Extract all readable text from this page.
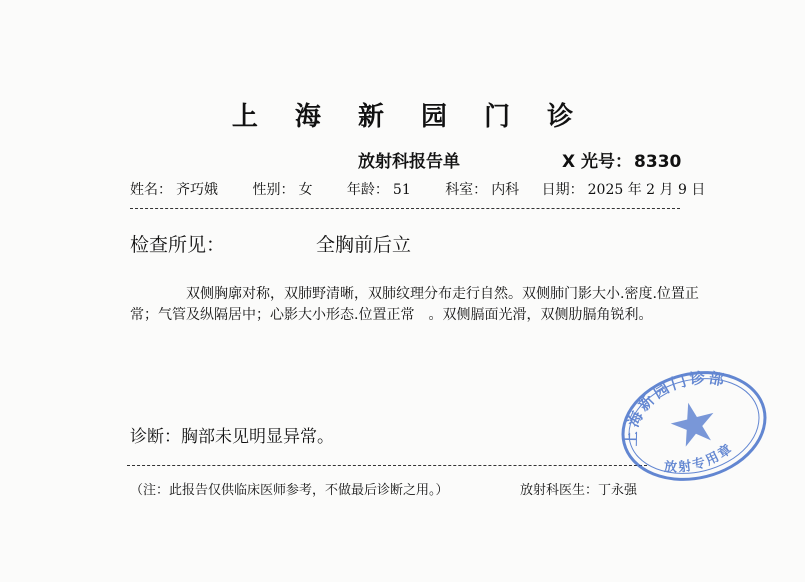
上 海 新 园 门 诊
放射科报告单	X 光号： 8330
姓名： 齐巧娥 性别： 女 年龄： 51 科室： 内科 日期： 2025 年 2 月 9 日
检查所见：	全胸前后立
双侧胸廓对称，双肺野清晰，双肺纹理分布走行自然。双侧肺门影大小.密度.位置正常；气管及纵隔居中；心影大小形态.位置正常　。双侧膈面光滑，双侧肋膈角锐利。
诊断：胸部未见明显异常。
（注：此报告仅供临床医师参考，不做最后诊断之用。）	放射科医生：丁永强
上海新园门诊部
放射专用章
